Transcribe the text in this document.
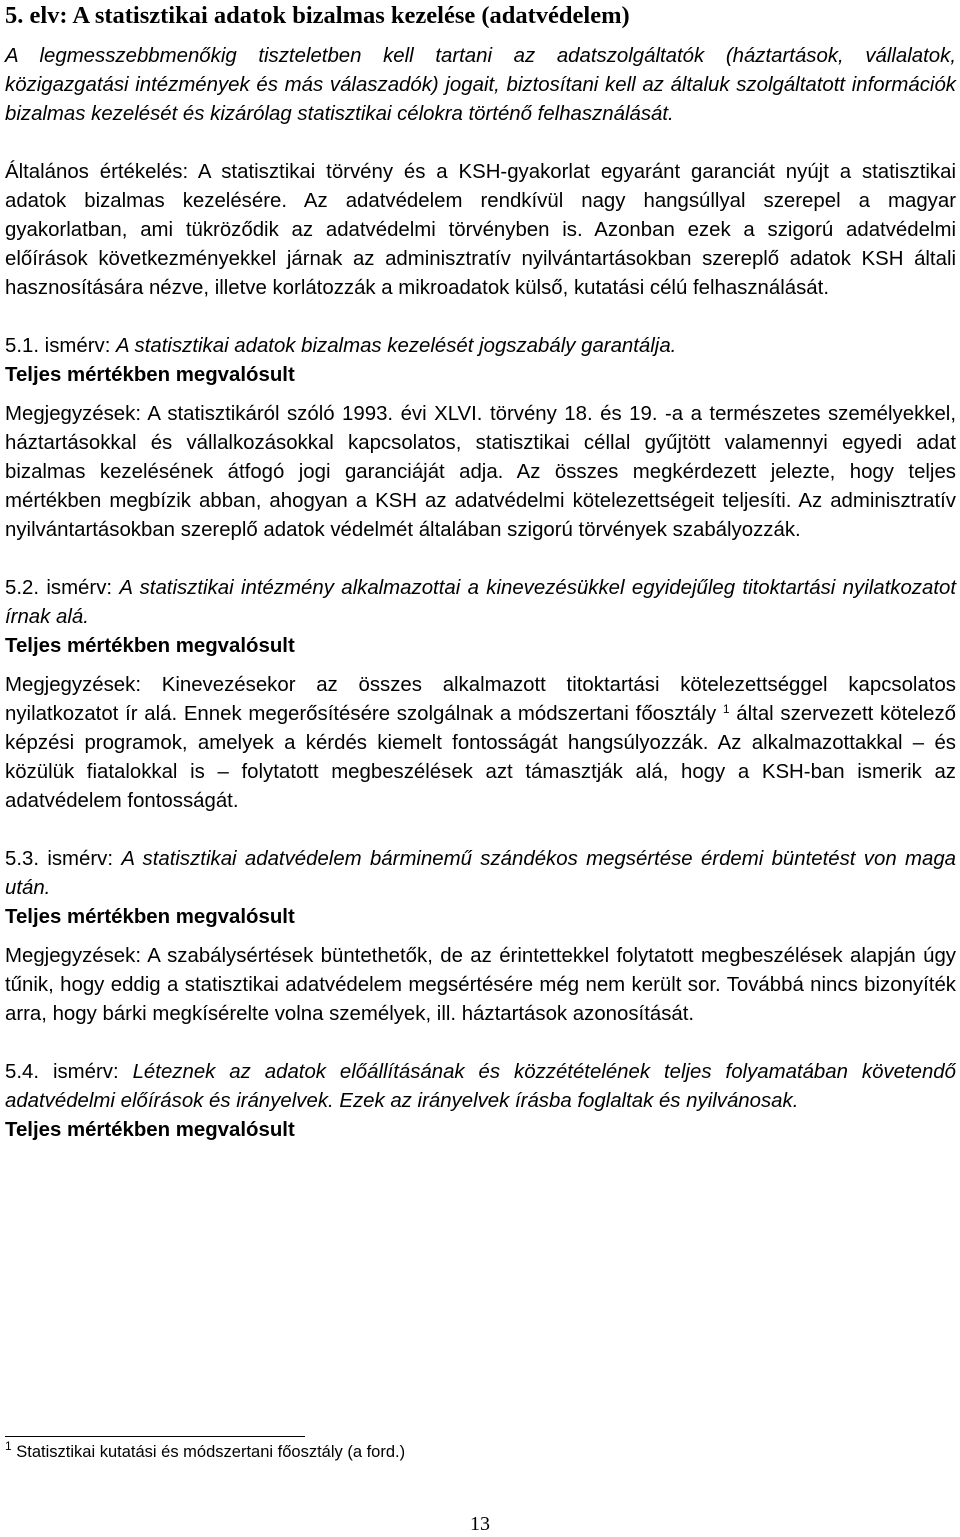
5. elv: A statisztikai adatok bizalmas kezelése (adatvédelem)

A legmesszebbmenőkig tiszteletben kell tartani az adatszolgáltatók (háztartások, vállalatok, közigazgatási intézmények és más válaszadók) jogait, biztosítani kell az általuk szolgáltatott információk bizalmas kezelését és kizárólag statisztikai célokra történő felhasználását.

Általános értékelés: A statisztikai törvény és a KSH-gyakorlat egyaránt garanciát nyújt a statisztikai adatok bizalmas kezelésére. Az adatvédelem rendkívül nagy hangsúllyal szerepel a magyar gyakorlatban, ami tükröződik az adatvédelmi törvényben is. Azonban ezek a szigorú adatvédelmi előírások következményekkel járnak az adminisztratív nyilvántartásokban szereplő adatok KSH általi hasznosítására nézve, illetve korlátozzák a mikroadatok külső, kutatási célú felhasználását.

5.1. ismérv: A statisztikai adatok bizalmas kezelését jogszabály garantálja.

Teljes mértékben megvalósult

Megjegyzések: A statisztikáról szóló 1993. évi XLVI. törvény 18. és 19. -a a természetes személyekkel, háztartásokkal és vállalkozásokkal kapcsolatos, statisztikai céllal gyűjtött valamennyi egyedi adat bizalmas kezelésének átfogó jogi garanciáját adja. Az összes megkérdezett jelezte, hogy teljes mértékben megbízik abban, ahogyan a KSH az adatvédelmi kötelezettségeit teljesíti. Az adminisztratív nyilvántartásokban szereplő adatok védelmét általában szigorú törvények szabályozzák.

5.2. ismérv: A statisztikai intézmény alkalmazottai a kinevezésükkel egyidejűleg titoktartási nyilatkozatot írnak alá.

Teljes mértékben megvalósult

Megjegyzések: Kinevezésekor az összes alkalmazott titoktartási kötelezettséggel kapcsolatos nyilatkozatot ír alá. Ennek megerősítésére szolgálnak a módszertani főosztály $^1$ által szervezett kötelező képzési programok, amelyek a kérdés kiemelt fontosságát hangsúlyozzák. Az alkalmazottakkal – és közülük fiatalokkal is – folytatott megbeszélések azt támasztják alá, hogy a KSH-ban ismerik az adatvédelem fontosságát.

5.3. ismérv: A statisztikai adatvédelem bárminemű szándékos megsértése érdemi büntetést von maga után.

Teljes mértékben megvalósult

Megjegyzések: A szabálysértések büntethetők, de az érintettekkel folytatott megbeszélések alapján úgy tűnik, hogy eddig a statisztikai adatvédelem megsértésére még nem került sor. Továbbá nincs bizonyíték arra, hogy bárki megkísérelte volna személyek, ill. háztartások azonosítását.

5.4. ismérv: Léteznek az adatok előállításának és közzétételének teljes folyamatában követendő adatvédelmi előírások és irányelvek. Ezek az irányelvek írásba foglaltak és nyilvánosak.

Teljes mértékben megvalósult

$^1$ Statisztikai kutatási és módszertani főosztály (a ford.)

13
